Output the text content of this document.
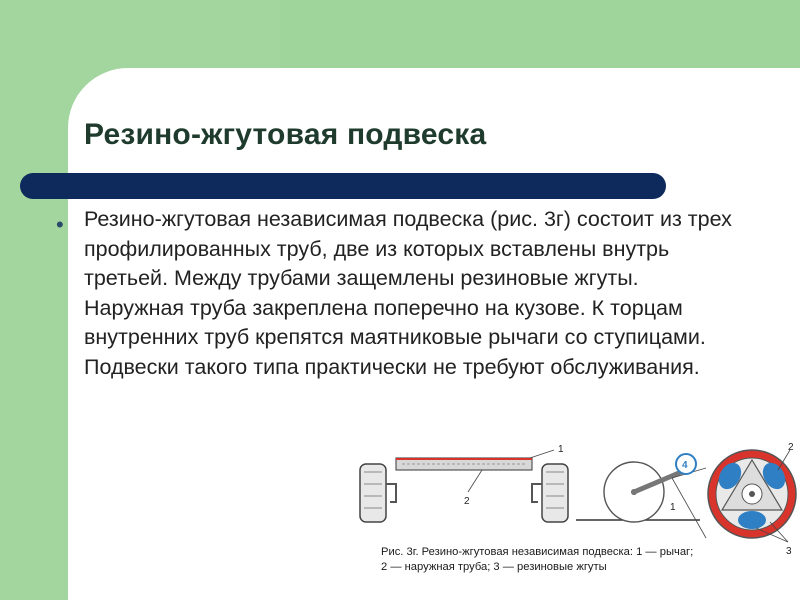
Резино-жгутовая подвеска
• Резино-жгутовая независимая подвеска (рис. 3г) состоит из трех профилированных труб, две из которых вставлены внутрь третьей. Между трубами защемлены резиновые жгуты. Наружная труба закреплена поперечно на кузове. К торцам внутренних труб крепятся маятниковые рычаги со ступицами. Подвески такого типа практически не требуют обслуживания.

1
2
4
1
2
3

Рис. 3г. Резино-жгутовая независимая подвеска: 1 — рычаг;
2 — наружная труба; 3 — резиновые жгуты
